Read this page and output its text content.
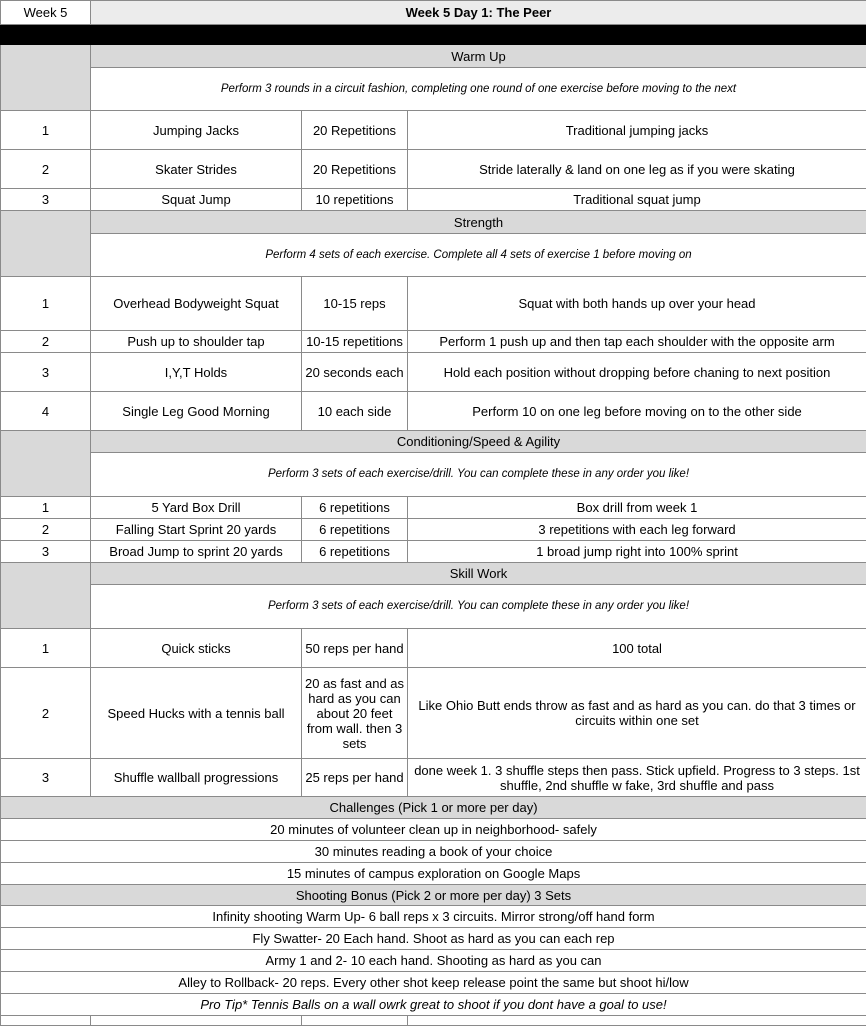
Week 5	Week 5 Day 1: The Peer		

	Warm Up		
	Perform 3 rounds in a circuit fashion, completing one round of one exercise before moving to the next		
1	Jumping Jacks	20 Repetitions	Traditional jumping jacks
2	Skater Strides	20 Repetitions	Stride laterally & land on one leg as if you were skating
3	Squat Jump	10 repetitions	Traditional squat jump
	Strength		
	Perform 4 sets of each exercise. Complete all 4 sets of exercise 1 before moving on		
1	Overhead Bodyweight Squat	10-15 reps	Squat with both hands up over your head
2	Push up to shoulder tap	10-15 repetitions	Perform 1 push up and then tap each shoulder with the opposite arm
3	I,Y,T Holds	20 seconds each	Hold each position without dropping before chaning to next position
4	Single Leg Good Morning	10 each side	Perform 10 on one leg before moving on to the other side
	Conditioning/Speed & Agility		
	Perform 3 sets of each exercise/drill. You can complete these in any order you like!		
1	5 Yard Box Drill	6 repetitions	Box drill from week 1
2	Falling Start Sprint 20 yards	6 repetitions	3 repetitions with each leg forward
3	Broad Jump to sprint 20 yards	6 repetitions	1 broad jump right into 100% sprint
	Skill Work		
	Perform 3 sets of each exercise/drill. You can complete these in any order you like!		
1	Quick sticks	50 reps per hand	100 total
2	Speed Hucks with a tennis ball	20 as fast and as hard as you can about 20 feet from wall. then 3 sets	Like Ohio Butt ends throw as fast and as hard as you can. do that 3 times or circuits within one set
3	Shuffle wallball progressions	25 reps per hand	done week 1. 3 shuffle steps then pass. Stick upfield. Progress to 3 steps. 1st shuffle, 2nd shuffle w fake, 3rd shuffle and pass
Challenges (Pick 1 or more per day)			
20 minutes of volunteer clean up in neighborhood- safely			
30 minutes reading a book of your choice			
15 minutes of campus exploration on Google Maps			
Shooting Bonus (Pick 2 or more per day) 3 Sets			
Infinity shooting Warm Up- 6 ball reps x 3 circuits. Mirror strong/off hand form			
Fly Swatter- 20 Each hand. Shoot as hard as you can each rep			
Army 1 and 2- 10 each hand. Shooting as hard as you can			
Alley to Rollback- 20 reps. Every other shot keep release point the same but shoot hi/low			
Pro Tip* Tennis Balls on a wall owrk great to shoot if you dont have a goal to use!			
